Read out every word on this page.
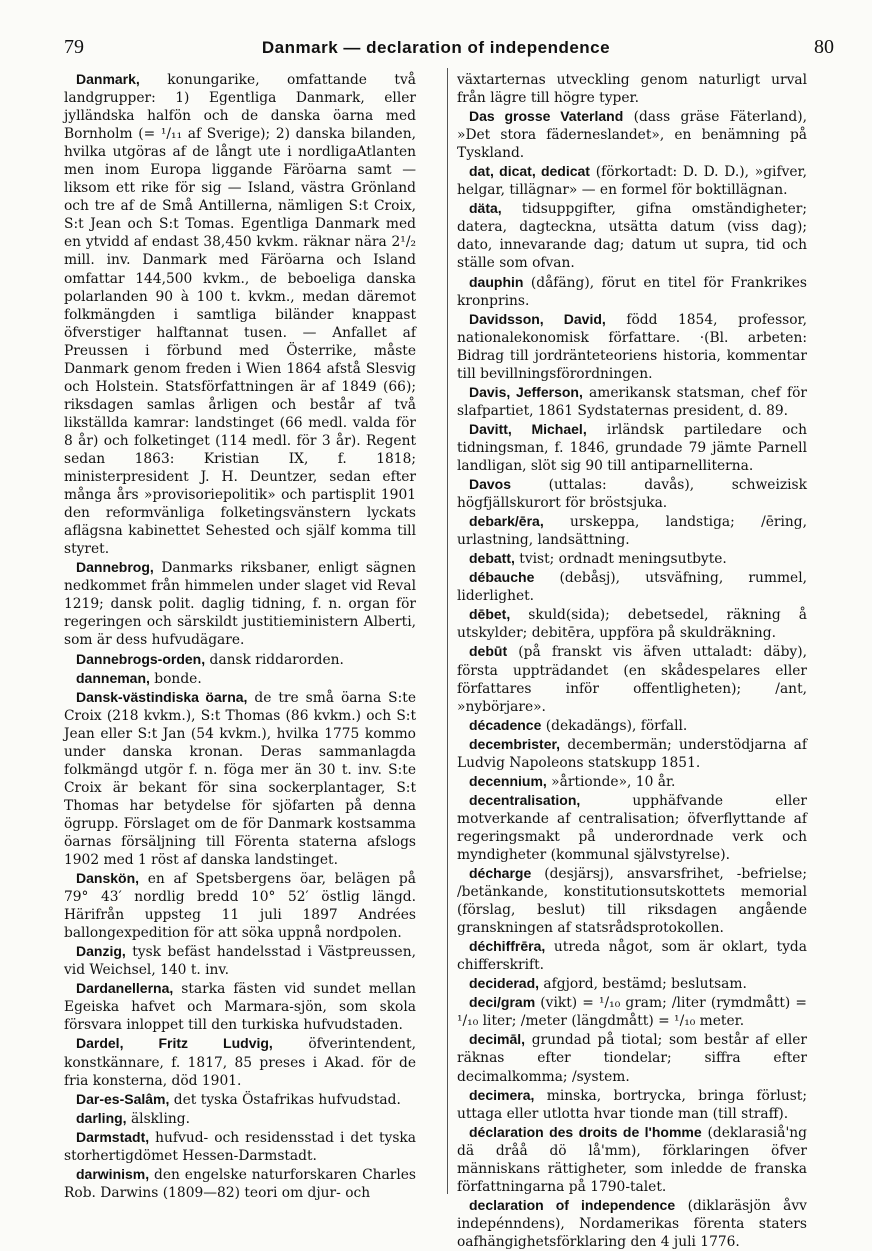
79	Danmark — declaration of independence	80

Danmark, konungarike, omfattande två landgrupper: 1) Egentliga Danmark, eller jylländska halfön och de danska öarna med Bornholm (= ¹/₁₁ af Sverige); 2) danska bilanden, hvilka utgöras af de långt ute i nordligaAtlanten men inom Europa liggande Färöarna samt — liksom ett rike för sig — Island, västra Grönland och tre af de Små Antillerna, nämligen S:t Croix, S:t Jean och S:t Tomas. Egentliga Danmark med en ytvidd af endast 38,450 kvkm. räknar nära 2¹/₂ mill. inv. Danmark med Färöarna och Island omfattar 144,500 kvkm., de beboeliga danska polarlanden 90 à 100 t. kvkm., medan däremot folkmängden i samtliga biländer knappast öfverstiger halftannat tusen. — Anfallet af Preussen i förbund med Österrike, måste Danmark genom freden i Wien 1864 afstå Slesvig och Holstein. Statsförfattningen är af 1849 (66); riksdagen samlas årligen och består af två likställda kamrar: landstinget (66 medl. valda för 8 år) och folketinget (114 medl. för 3 år). Regent sedan 1863: Kristian IX, f. 1818; ministerpresident J. H. Deuntzer, sedan efter många års »provisoriepolitik» och partisplit 1901 den reformvänliga folketingsvänstern lyckats aflägsna kabinettet Sehested och själf komma till styret.

Dannebrog, Danmarks riksbaner, enligt sägnen nedkommet från himmelen under slaget vid Reval 1219; dansk polit. daglig tidning, f. n. organ för regeringen och särskildt justitieministern Alberti, som är dess hufvudägare.

Dannebrogs-orden, dansk riddarorden.

danneman, bonde.

Dansk-västindiska öarna, de tre små öarna S:te Croix (218 kvkm.), S:t Thomas (86 kvkm.) och S:t Jean eller S:t Jan (54 kvkm.), hvilka 1775 kommo under danska kronan. Deras sammanlagda folkmängd utgör f. n. föga mer än 30 t. inv. S:te Croix är bekant för sina sockerplantager, S:t Thomas har betydelse för sjöfarten på denna ögrupp. Förslaget om de för Danmark kostsamma öarnas försäljning till Förenta staterna afslogs 1902 med 1 röst af danska landstinget.

Danskön, en af Spetsbergens öar, belägen på 79° 43′ nordlig bredd 10° 52′ östlig längd. Härifrån uppsteg 11 juli 1897 Andrées ballongexpedition för att söka uppnå nordpolen.

Danzig, tysk befäst handelsstad i Västpreussen, vid Weichsel, 140 t. inv.

Dardanellerna, starka fästen vid sundet mellan Egeiska hafvet och Marmara-sjön, som skola försvara inloppet till den turkiska hufvudstaden.

Dardel, Fritz Ludvig, öfverintendent, konstkännare, f. 1817, 85 preses i Akad. för de fria konsterna, död 1901.

Dar-es-Salâm, det tyska Östafrikas hufvudstad.

darling, älskling.

Darmstadt, hufvud- och residensstad i det tyska storhertigdömet Hessen-Darmstadt.

darwinism, den engelske naturforskaren Charles Rob. Darwins (1809—82) teori om djur- och

växtarternas utveckling genom naturligt urval från lägre till högre typer.

Das grosse Vaterland (dass gräse Fäterland), »Det stora fäderneslandet», en benämning på Tyskland.

dat, dicat, dedicat (förkortadt: D. D. D.), »gifver, helgar, tillägnar» — en formel för boktillägnan.

däta, tidsuppgifter, gifna omständigheter; datera, dagteckna, utsätta datum (viss dag); dato, innevarande dag; datum ut supra, tid och ställe som ofvan.

dauphin (dåfäng), förut en titel för Frankrikes kronprins.

Davidsson, David, född 1854, professor, nationalekonomisk författare. ·(Bl. arbeten: Bidrag till jordränteteoriens historia, kommentar till bevillningsförordningen.

Davis, Jefferson, amerikansk statsman, chef för slafpartiet, 1861 Sydstaternas president, d. 89.

Davitt, Michael, irländsk partiledare och tidningsman, f. 1846, grundade 79 jämte Parnell landligan, slöt sig 90 till antiparnelliterna.

Davos (uttalas: davås), schweizisk högfjällskurort för bröstsjuka.

debark/ēra, urskeppa, landstiga; /ēring, urlastning, landsättning.

debatt, tvist; ordnadt meningsutbyte.

débauche (debåsj), utsväfning, rummel, liderlighet.

dēbet, skuld(sida); debetsedel, räkning å utskylder; debitēra, uppföra på skuldräkning.

debūt (på franskt vis äfven uttaladt: däby), första uppträdandet (en skådespelares eller författares inför offentligheten); /ant, »nybörjare».

décadence (dekadängs), förfall.

decembrister, decembermän; understödjarna af Ludvig Napoleons statskupp 1851.

decennium, »årtionde», 10 år.

decentralisation, upphäfvande eller motverkande af centralisation; öfverflyttande af regeringsmakt på underordnade verk och myndigheter (kommunal självstyrelse).

décharge (desjärsj), ansvarsfrihet, -befrielse; /betänkande, konstitutionsutskottets memorial (förslag, beslut) till riksdagen angående granskningen af statsrådsprotokollen.

déchiffrēra, utreda något, som är oklart, tyda chifferskrift.

deciderad, afgjord, bestämd; beslutsam.

deci/gram (vikt) = ¹/₁₀ gram; /liter (rymdmått) = ¹/₁₀ liter; /meter (längdmått) = ¹/₁₀ meter.

decimāl, grundad på tiotal; som består af eller räknas efter tiondelar; siffra efter decimalkomma; /system.

decimera, minska, bortrycka, bringa förlust; uttaga eller utlotta hvar tionde man (till straff).

déclaration des droits de l'homme (deklarasiå'ng dä dråå dö lå'mm), förklaringen öfver människans rättigheter, som inledde de franska författningarna på 1790-talet.

declaration of independence (diklaräsjön åvv indepénndens), Nordamerikas förenta staters oafhängighetsförklaring den 4 juli 1776.
